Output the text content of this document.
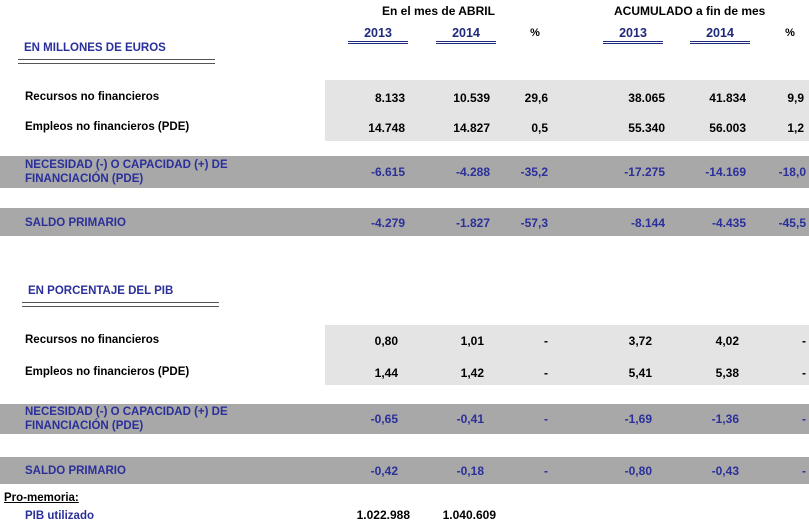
En el mes de ABRIL	ACUMULADO a fin de mes
2013	2014	%	2013	2014	%
EN MILLONES DE EUROS
Recursos no financieros	8.133	10.539	29,6	38.065	41.834	9,9
Empleos no financieros (PDE)	14.748	14.827	0,5	55.340	56.003	1,2
NECESIDAD (-) O CAPACIDAD (+) DE
FINANCIACIÓN (PDE)	-6.615	-4.288	-35,2	-17.275	-14.169	-18,0
SALDO PRIMARIO	-4.279	-1.827	-57,3	-8.144	-4.435	-45,5
EN PORCENTAJE DEL PIB
Recursos no financieros	0,80	1,01	-	3,72	4,02	-
Empleos no financieros (PDE)	1,44	1,42	-	5,41	5,38	-
NECESIDAD (-) O CAPACIDAD (+) DE
FINANCIACIÓN (PDE)	-0,65	-0,41	-	-1,69	-1,36	-
SALDO PRIMARIO	-0,42	-0,18	-	-0,80	-0,43	-
Pro-memoria:
PIB utilizado	1.022.988	1.040.609
